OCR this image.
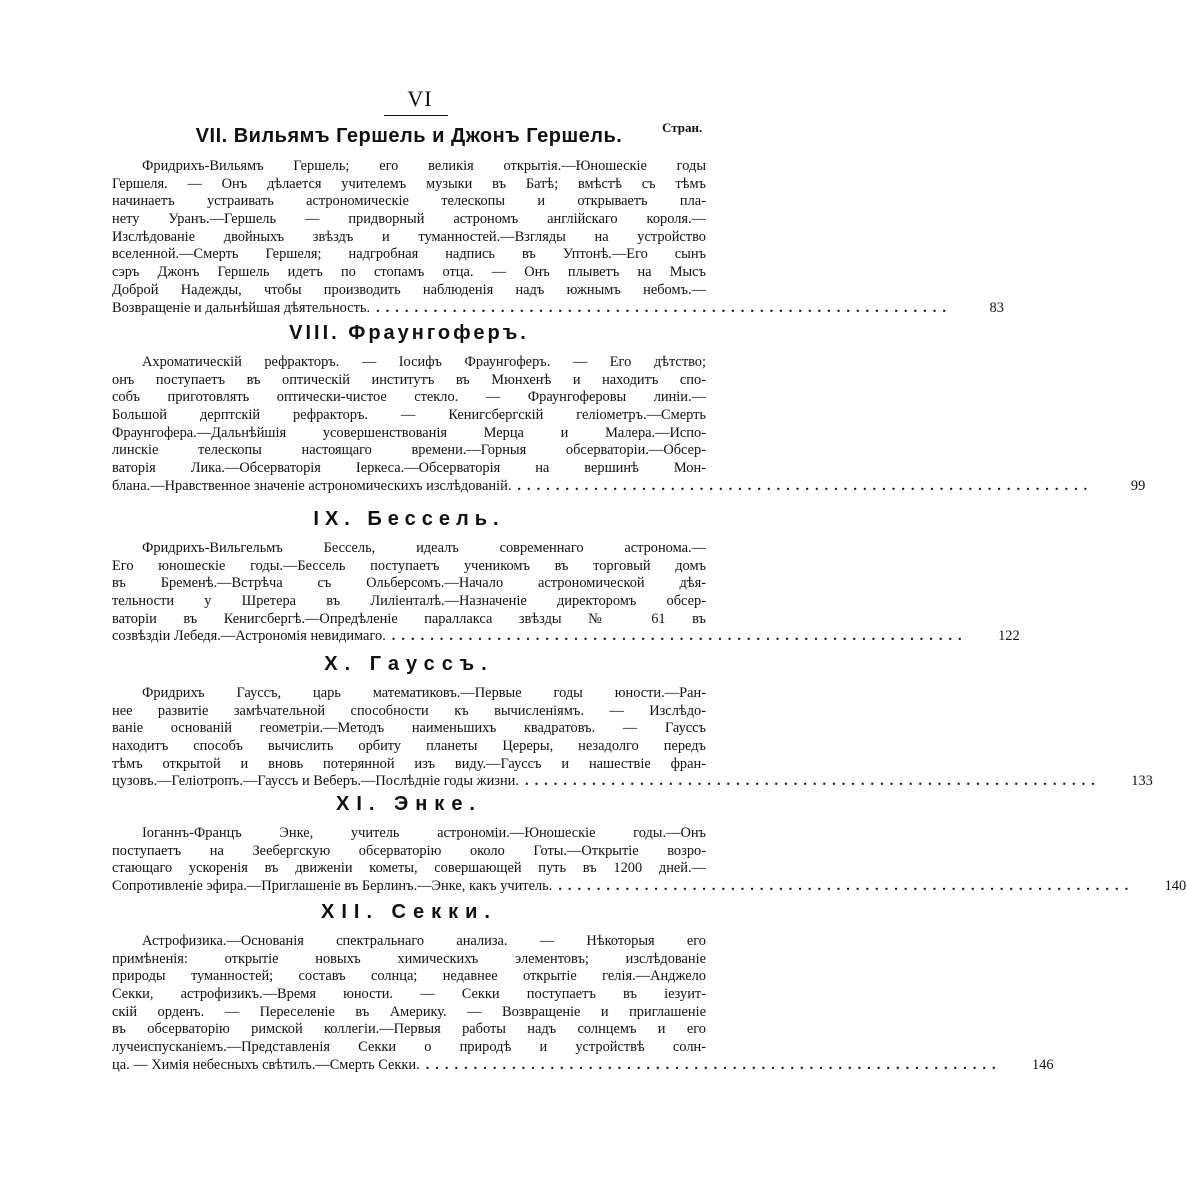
VI
Стран.
VII. Вильямъ Гершель и Джонъ Гершель.
Фридрихъ-Вильямъ Гершель; его великія открытія.—Юношескіе годы
Гершеля. — Онъ дѣлается учителемъ музыки въ Батѣ; вмѣстѣ съ тѣмъ
начинаетъ устраивать астрономическіе телескопы и открываетъ пла-
нету Уранъ.—Гершель — придворный астрономъ англійскаго короля.—
Изслѣдованіе двойныхъ звѣздъ и туманностей.—Взгляды на устройство
вселенной.—Смерть Гершеля; надгробная надпись въ Уптонѣ.—Его сынъ
сэръ Джонъ Гершель идетъ по стопамъ отца. — Онъ плыветъ на Мысъ
Доброй Надежды, чтобы производить наблюденія надъ южнымъ небомъ.—
Возвращеніе и дальнѣйшая дѣятельность. ............................................................	83
VIII. Фраунгоферъ.
Ахроматическій рефракторъ. — Іосифъ Фраунгоферъ. — Его дѣтство;
онъ поступаетъ въ оптическій институтъ въ Мюнхенѣ и находитъ спо-
собъ приготовлять оптически-чистое стекло. — Фраунгоферовы линіи.—
Большой дерптскій рефракторъ. — Кенигсбергскій геліометръ.—Смерть
Фраунгофера.—Дальнѣйшія усовершенствованія Мерца и Малера.—Испо-
линскіе телескопы настоящаго времени.—Горныя обсерваторіи.—Обсер-
ваторія Лика.—Обсерваторія Іеркеса.—Обсерваторія на вершинѣ Мон-
блана.—Нравственное значеніе астрономическихъ изслѣдованій. ............................................................	99
IX. Бессель.
Фридрихъ-Вильгельмъ Бессель, идеалъ современнаго астронома.—
Его юношескіе годы.—Бессель поступаетъ ученикомъ въ торговый домъ
въ Бременѣ.—Встрѣча съ Ольберсомъ.—Начало астрономической дѣя-
тельности у Шретера въ Лиліенталѣ.—Назначеніе директоромъ обсер-
ваторіи въ Кенигсбергѣ.—Опредѣленіе параллакса звѣзды № 61 въ
созвѣздіи Лебедя.—Астрономія невидимаго. ............................................................	122
X. Гауссъ.
Фридрихъ Гауссъ, царь математиковъ.—Первые годы юности.—Ран-
нее развитіе замѣчательной способности къ вычисленіямъ. — Изслѣдо-
ваніе основаній геометріи.—Методъ наименьшихъ квадратовъ. — Гауссъ
находитъ способъ вычислить орбиту планеты Цереры, незадолго передъ
тѣмъ открытой и вновь потерянной изъ виду.—Гауссъ и нашествіе фран-
цузовъ.—Геліотропъ.—Гауссъ и Веберъ.—Послѣдніе годы жизни. ............................................................	133
XI. Энке.
Іоганнъ-Францъ Энке, учитель астрономіи.—Юношескіе годы.—Онъ
поступаетъ на Зеебергскую обсерваторію около Готы.—Открытіе возро-
стающаго ускоренія въ движеніи кометы, совершающей путь въ 1200 дней.—
Сопротивленіе эфира.—Приглашеніе въ Берлинъ.—Энке, какъ учитель. ............................................................	140
XII. Секки.
Астрофизика.—Основанія спектральнаго анализа. — Нѣкоторыя его
примѣненія: открытіе новыхъ химическихъ элементовъ; изслѣдованіе
природы туманностей; составъ солнца; недавнее открытіе гелія.—Анджело
Секки, астрофизикъ.—Время юности. — Секки поступаетъ въ іезуит-
скій орденъ. — Переселеніе въ Америку. — Возвращеніе и приглашеніе
въ обсерваторію римской коллегіи.—Первыя работы надъ солнцемъ и его
лучеиспусканіемъ.—Представленія Секки о природѣ и устройствѣ солн-
ца. — Химія небесныхъ свѣтилъ.—Смерть Секки. ............................................................	146
